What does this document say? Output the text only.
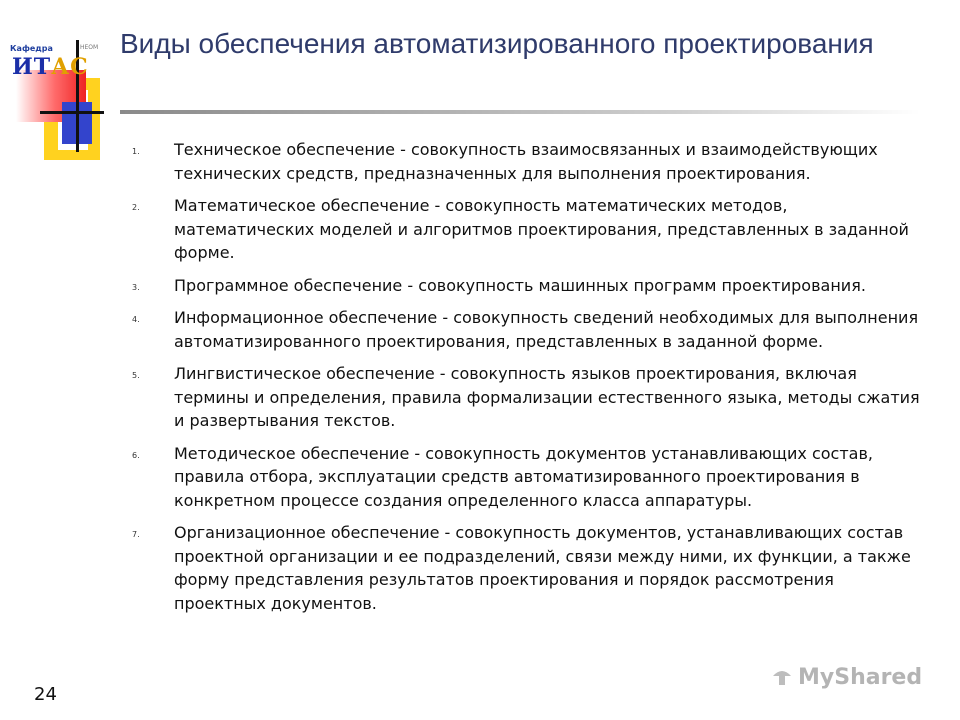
Кафедра	НЕОМ
ИТАС
Виды обеспечения автоматизированного проектирования
1.	Техническое обеспечение - совокупность взаимосвязанных и взаимодействующих технических средств, предназначенных для выполнения проектирования.
2.	Математическое обеспечение - совокупность математических методов, математических моделей и алгоритмов проектирования, представленных в заданной форме.
3.	Программное обеспечение - совокупность машинных программ проектирования.
4.	Информационное обеспечение - совокупность сведений необходимых для выполнения автоматизированного проектирования, представленных в заданной форме.
5.	Лингвистическое обеспечение - совокупность языков проектирования, включая термины и определения, правила формализации естественного языка, методы сжатия и развертывания текстов.
6.	Методическое обеспечение - совокупность документов устанавливающих состав, правила отбора, эксплуатации средств автоматизированного проектирования в конкретном процессе создания определенного класса аппаратуры.
7.	Организационное обеспечение - совокупность документов, устанавливающих состав проектной организации и ее подразделений, связи между ними, их функции, а также форму представления результатов проектирования и порядок рассмотрения проектных документов.
24
MyShared
